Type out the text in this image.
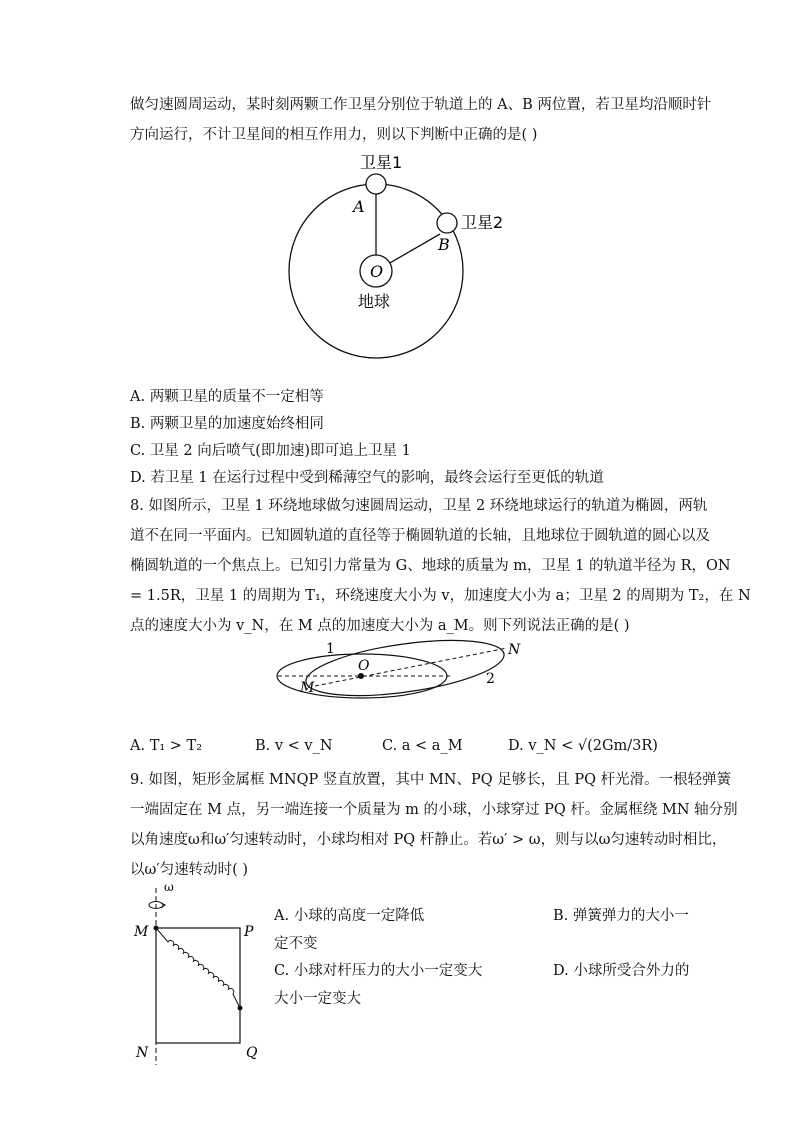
做匀速圆周运动，某时刻两颗工作卫星分别位于轨道上的 A、B 两位置，若卫星均沿顺时针
方向运行，不计卫星间的相互作用力，则以下判断中正确的是( )
卫星1
卫星2
A
B
O
地球
A. 两颗卫星的质量不一定相等
B. 两颗卫星的加速度始终相同
C. 卫星 2 向后喷气(即加速)即可追上卫星 1
D. 若卫星 1 在运行过程中受到稀薄空气的影响，最终会运行至更低的轨道
8. 如图所示，卫星 1 环绕地球做匀速圆周运动，卫星 2 环绕地球运行的轨道为椭圆，两轨
道不在同一平面内。已知圆轨道的直径等于椭圆轨道的长轴，且地球位于圆轨道的圆心以及
椭圆轨道的一个焦点上。已知引力常量为 G、地球的质量为 m，卫星 1 的轨道半径为 R，ON
= 1.5R，卫星 1 的周期为 T₁，环绕速度大小为 v，加速度大小为 a；卫星 2 的周期为 T₂，在 N
点的速度大小为 v_N，在 M 点的加速度大小为 a_M。则下列说法正确的是( )
1
2
O
M
N
A. T₁ > T₂	B. v < v_N	C. a < a_M	D. v_N < √(2Gm/3R)
9. 如图，矩形金属框 MNQP 竖直放置，其中 MN、PQ 足够长，且 PQ 杆光滑。一根轻弹簧
一端固定在 M 点，另一端连接一个质量为 m 的小球，小球穿过 PQ 杆。金属框绕 MN 轴分别
以角速度ω和ω′匀速转动时，小球均相对 PQ 杆静止。若ω′ > ω，则与以ω匀速转动时相比，
以ω′匀速转动时( )
ω
M	P
N	Q
A. 小球的高度一定降低	B. 弹簧弹力的大小一
定不变
C. 小球对杆压力的大小一定变大	D. 小球所受合外力的
大小一定变大
